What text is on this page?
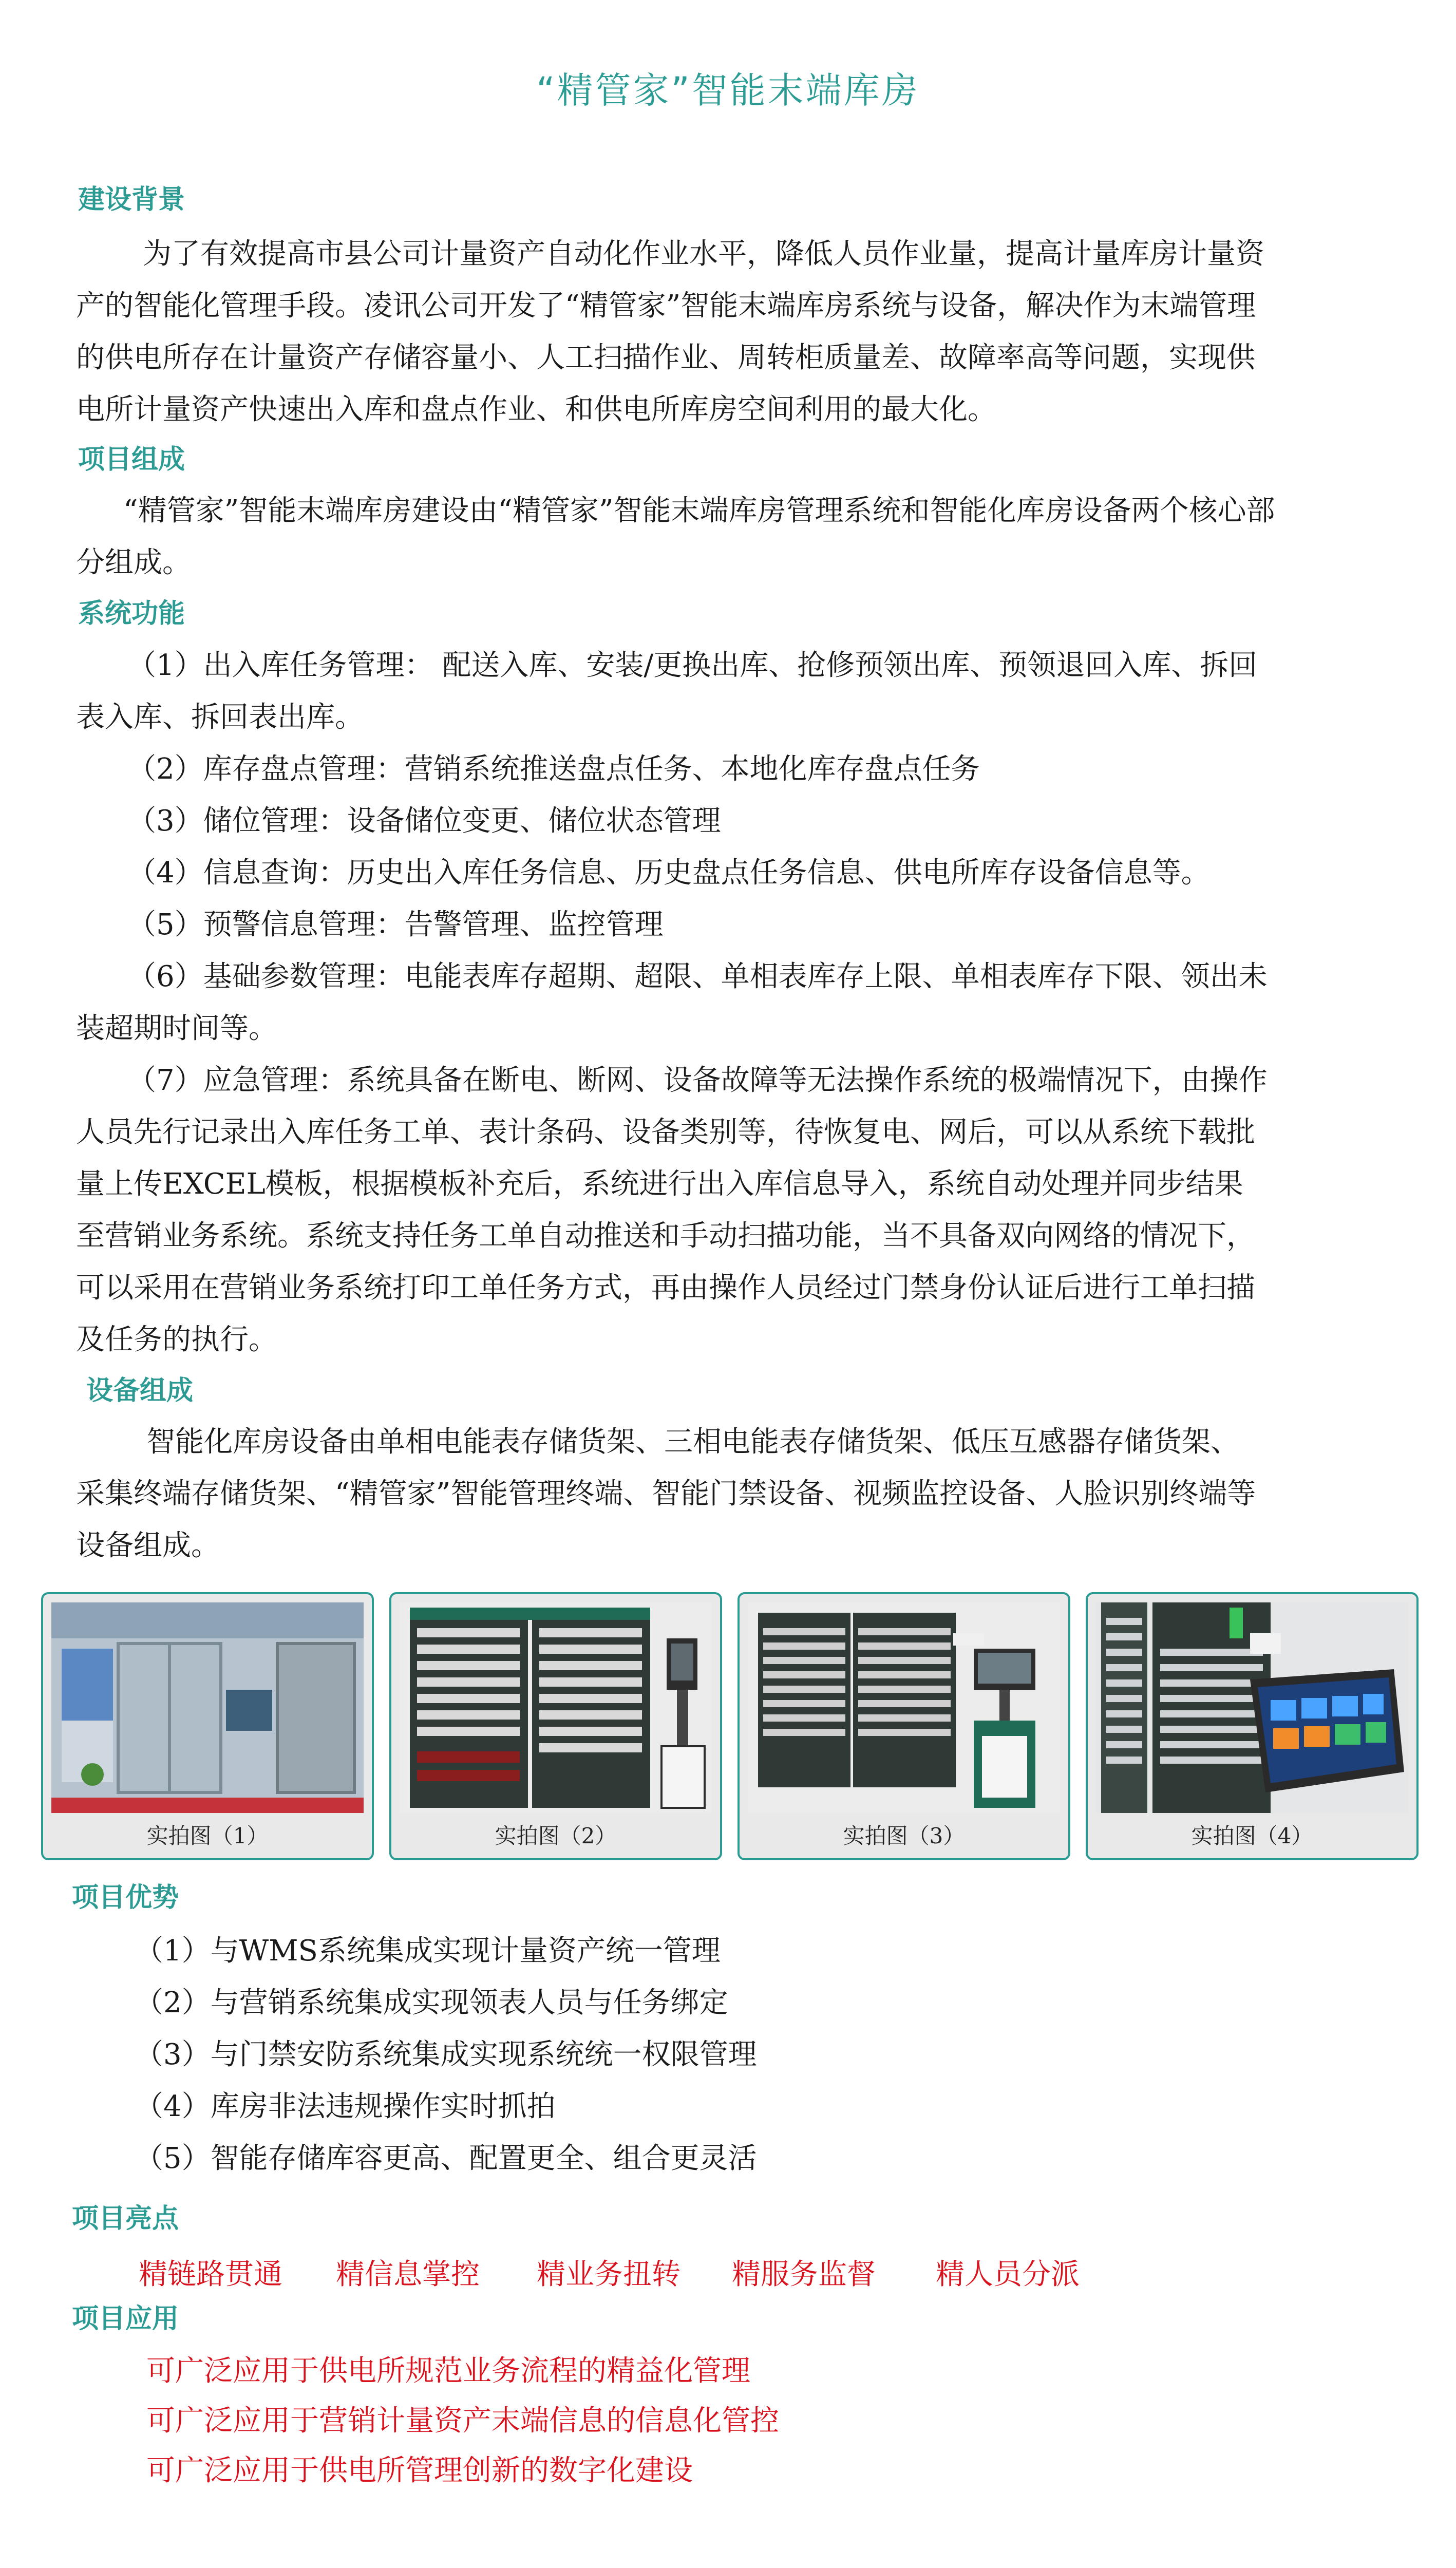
“精管家”智能末端库房
建设背景
为了有效提高市县公司计量资产自动化作业水平，降低人员作业量，提高计量库房计量资
产的智能化管理手段。凌讯公司开发了“精管家”智能末端库房系统与设备，解决作为末端管理
的供电所存在计量资产存储容量小、人工扫描作业、周转柜质量差、故障率高等问题，实现供
电所计量资产快速出入库和盘点作业、和供电所库房空间利用的最大化。
项目组成
“精管家”智能末端库房建设由“精管家”智能末端库房管理系统和智能化库房设备两个核心部
分组成。
系统功能
（1）出入库任务管理： 配送入库、安装/更换出库、抢修预领出库、预领退回入库、拆回
表入库、拆回表出库。
（2）库存盘点管理：营销系统推送盘点任务、本地化库存盘点任务
（3）储位管理：设备储位变更、储位状态管理
（4）信息查询：历史出入库任务信息、历史盘点任务信息、供电所库存设备信息等。
（5）预警信息管理：告警管理、监控管理
（6）基础参数管理：电能表库存超期、超限、单相表库存上限、单相表库存下限、领出未
装超期时间等。
（7）应急管理：系统具备在断电、断网、设备故障等无法操作系统的极端情况下，由操作
人员先行记录出入库任务工单、表计条码、设备类别等，待恢复电、网后，可以从系统下载批
量上传EXCEL模板，根据模板补充后，系统进行出入库信息导入，系统自动处理并同步结果
至营销业务系统。系统支持任务工单自动推送和手动扫描功能，当不具备双向网络的情况下，
可以采用在营销业务系统打印工单任务方式，再由操作人员经过门禁身份认证后进行工单扫描
及任务的执行。
设备组成
智能化库房设备由单相电能表存储货架、三相电能表存储货架、低压互感器存储货架、
采集终端存储货架、“精管家”智能管理终端、智能门禁设备、视频监控设备、人脸识别终端等
设备组成。
实拍图（1）	实拍图（2）	实拍图（3）	实拍图（4）
项目优势
（1）与WMS系统集成实现计量资产统一管理
（2）与营销系统集成实现领表人员与任务绑定
（3）与门禁安防系统集成实现系统统一权限管理
（4）库房非法违规操作实时抓拍
（5）智能存储库容更高、配置更全、组合更灵活
项目亮点
精链路贯通 精信息掌控 精业务扭转 精服务监督 精人员分派
项目应用
可广泛应用于供电所规范业务流程的精益化管理
可广泛应用于营销计量资产末端信息的信息化管控
可广泛应用于供电所管理创新的数字化建设
